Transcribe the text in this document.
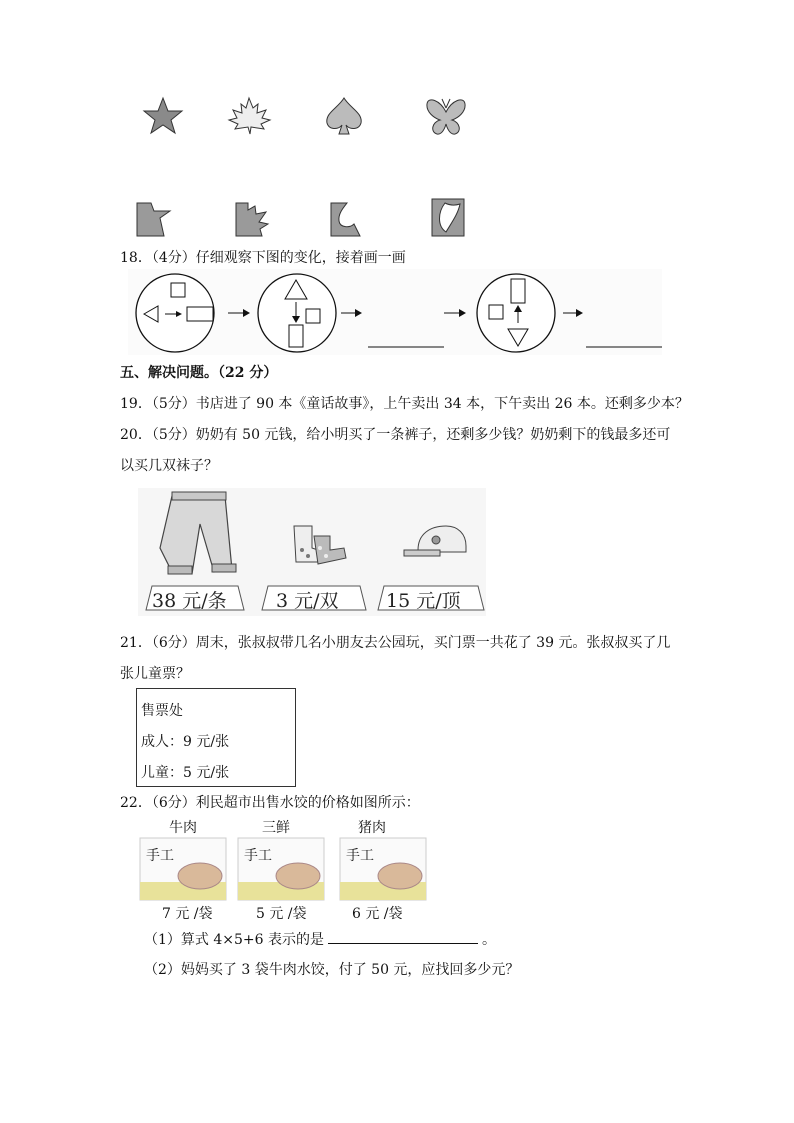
18．（4分）仔细观察下图的变化，接着画一画
五、解决问题。（22 分）
19．（5分）书店进了 90 本《童话故事》，上午卖出 34 本，下午卖出 26 本。还剩多少本？
20．（5分）奶奶有 50 元钱，给小明买了一条裤子，还剩多少钱？奶奶剩下的钱最多还可
以买几双袜子？
38 元/条	3 元/双 15 元/顶
21．（6分）周末，张叔叔带几名小朋友去公园玩，买门票一共花了 39 元。张叔叔买了几
张儿童票？
售票处
成人：9 元/张
儿童：5 元/张
22．（6分）利民超市出售水饺的价格如图所示：
牛肉	三鲜	猪肉
手工	手工	手工
7 元 /袋	5 元 /袋	6 元 /袋
（1）算式 4×5+6 表示的是	。
（2）妈妈买了 3 袋牛肉水饺，付了 50 元，应找回多少元？
